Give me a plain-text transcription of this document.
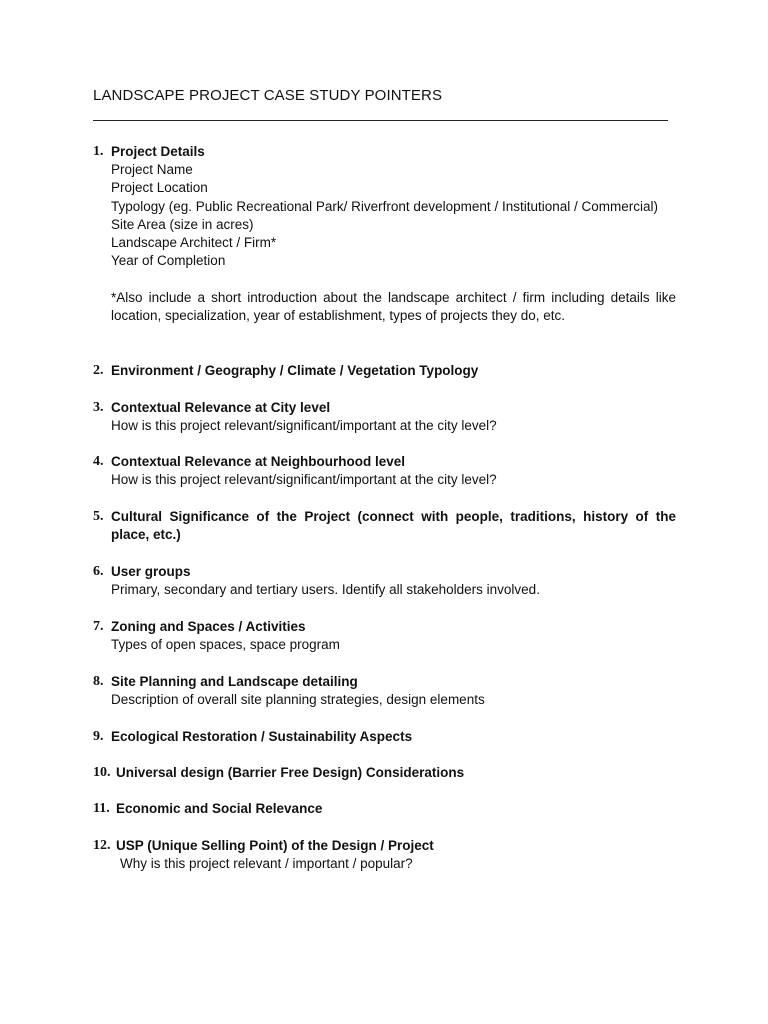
LANDSCAPE PROJECT CASE STUDY POINTERS
1. Project Details
Project Name
Project Location
Typology (eg. Public Recreational Park/ Riverfront development / Institutional / Commercial)
Site Area (size in acres)
Landscape Architect / Firm*
Year of Completion
*Also include a short introduction about the landscape architect / firm including details like location, specialization, year of establishment, types of projects they do, etc.
2. Environment / Geography / Climate / Vegetation Typology
3. Contextual Relevance at City level
How is this project relevant/significant/important at the city level?
4. Contextual Relevance at Neighbourhood level
How is this project relevant/significant/important at the city level?
5. Cultural Significance of the Project (connect with people, traditions, history of the place, etc.)
6. User groups
Primary, secondary and tertiary users. Identify all stakeholders involved.
7. Zoning and Spaces / Activities
Types of open spaces, space program
8. Site Planning and Landscape detailing
Description of overall site planning strategies, design elements
9. Ecological Restoration / Sustainability Aspects
10. Universal design (Barrier Free Design) Considerations
11. Economic and Social Relevance
12. USP (Unique Selling Point) of the Design / Project
Why is this project relevant / important / popular?
